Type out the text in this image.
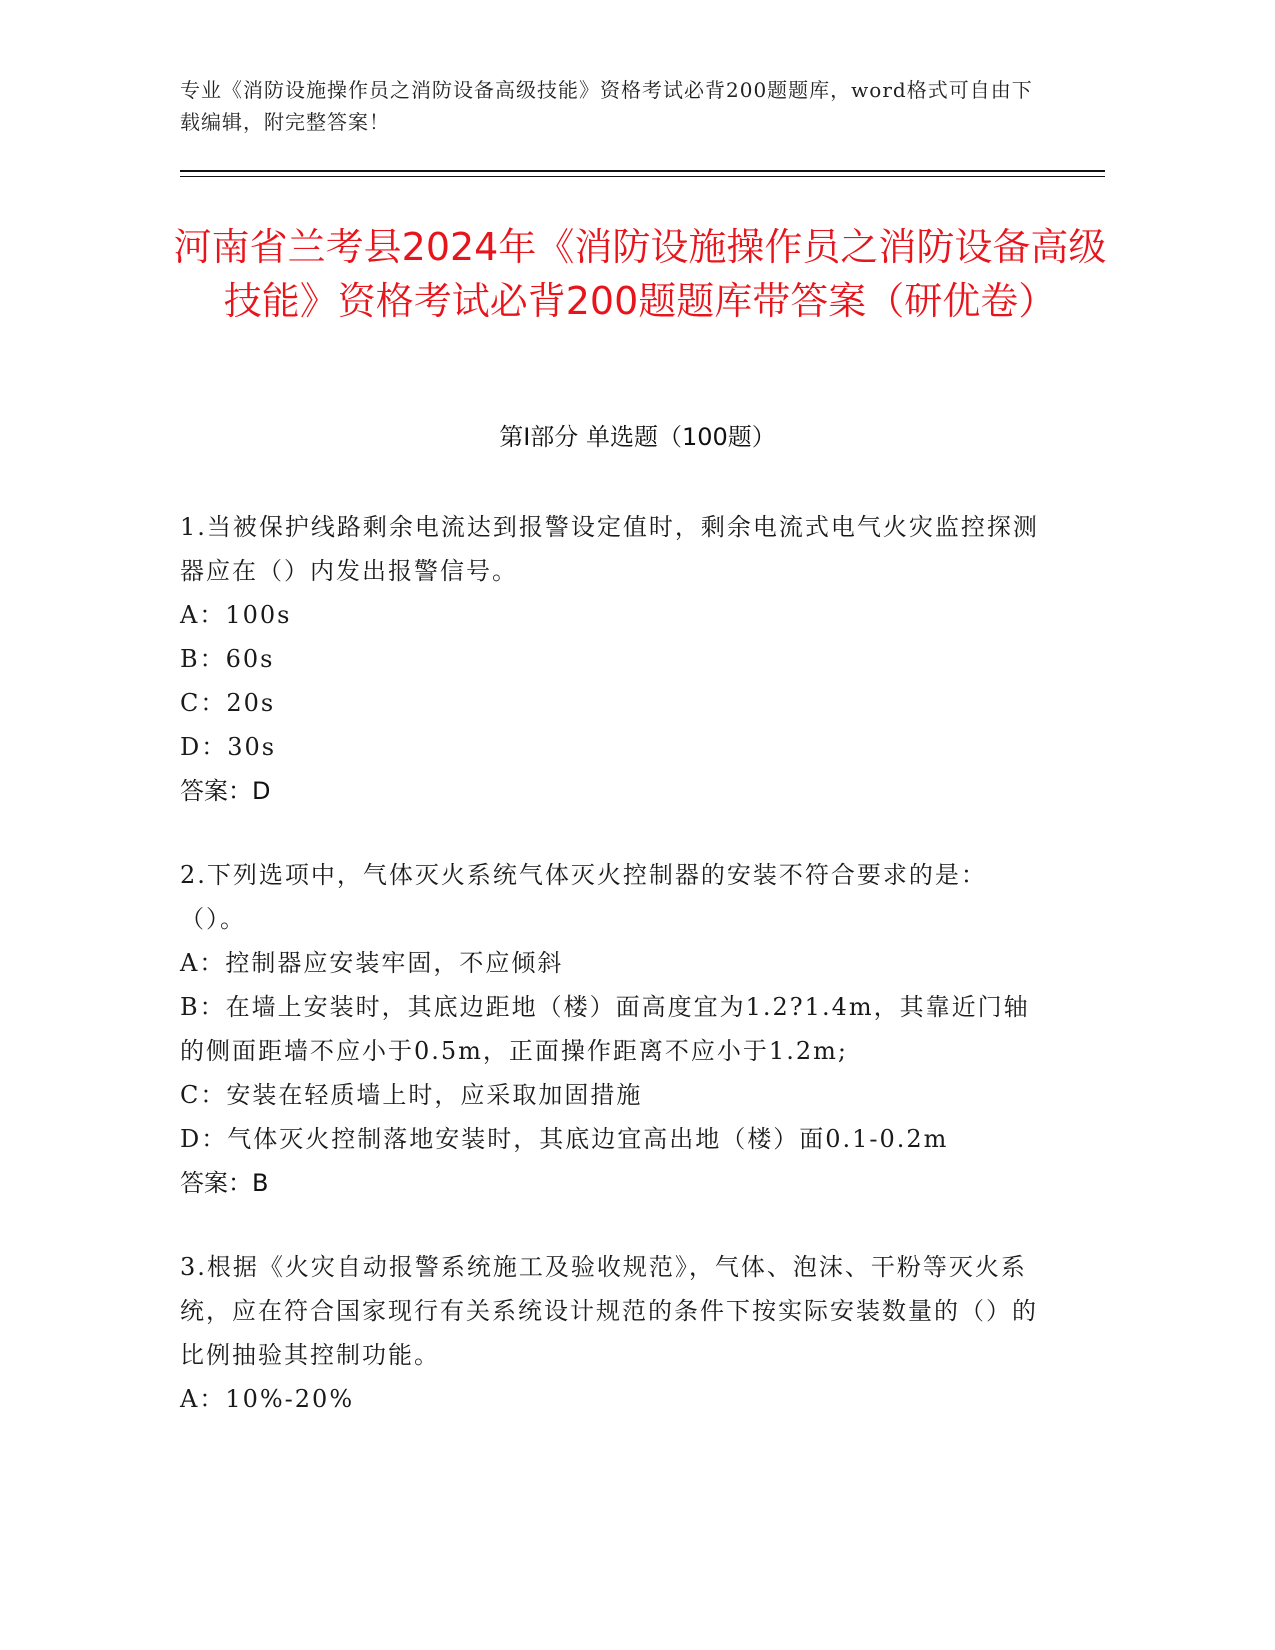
专业《消防设施操作员之消防设备高级技能》资格考试必背200题题库，word格式可自由下载编辑，附完整答案！
河南省兰考县2024年《消防设施操作员之消防设备高级技能》资格考试必背200题题库带答案（研优卷）
第I部分 单选题（100题）
1.当被保护线路剩余电流达到报警设定值时，剩余电流式电气火灾监控探测器应在（）内发出报警信号。
A：100s
B：60s
C：20s
D：30s
答案：D
2.下列选项中，气体灭火系统气体灭火控制器的安装不符合要求的是：（）。
A：控制器应安装牢固，不应倾斜
B：在墙上安装时，其底边距地（楼）面高度宜为1.2?1.4m，其靠近门轴的侧面距墙不应小于0.5m，正面操作距离不应小于1.2m;
C：安装在轻质墙上时，应采取加固措施
D：气体灭火控制落地安装时，其底边宜高出地（楼）面0.1-0.2m
答案：B
3.根据《火灾自动报警系统施工及验收规范》，气体、泡沫、干粉等灭火系统，应在符合国家现行有关系统设计规范的条件下按实际安装数量的（）的比例抽验其控制功能。
A：10%-20%
